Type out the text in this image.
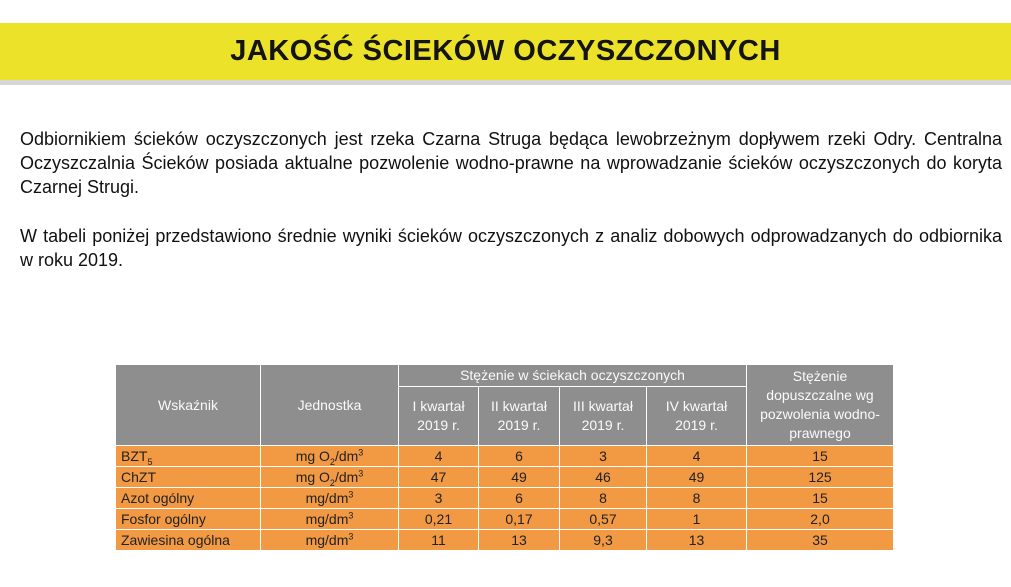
JAKOŚĆ ŚCIEKÓW OCZYSZCZONYCH

Odbiornikiem ścieków oczyszczonych jest rzeka Czarna Struga będąca lewobrzeżnym dopływem rzeki Odry. Centralna Oczyszczalnia Ścieków posiada aktualne pozwolenie wodno-prawne na wprowadzanie ścieków oczyszczonych do koryta Czarnej Strugi.

W tabeli poniżej przedstawiono średnie wyniki ścieków oczyszczonych z analiz dobowych odprowadzanych do odbiornika w roku 2019.

Wskaźnik	Jednostka	Stężenie w ściekach oczyszczonych				Stężenie dopuszczalne wg pozwolenia wodno-prawnego
		I kwartał 2019 r.	II kwartał 2019 r.	III kwartał 2019 r.	IV kwartał 2019 r.	
$BZT_5$	mg $O_2/dm^3$	4	6	3	4	15
ChZT	mg $O_2/dm^3$	47	49	46	49	125
Azot ogólny	$mg/dm^3$	3	6	8	8	15
Fosfor ogólny	$mg/dm^3$	0,21	0,17	0,57	1	2,0
Zawiesina ogólna	$mg/dm^3$	11	13	9,3	13	35
